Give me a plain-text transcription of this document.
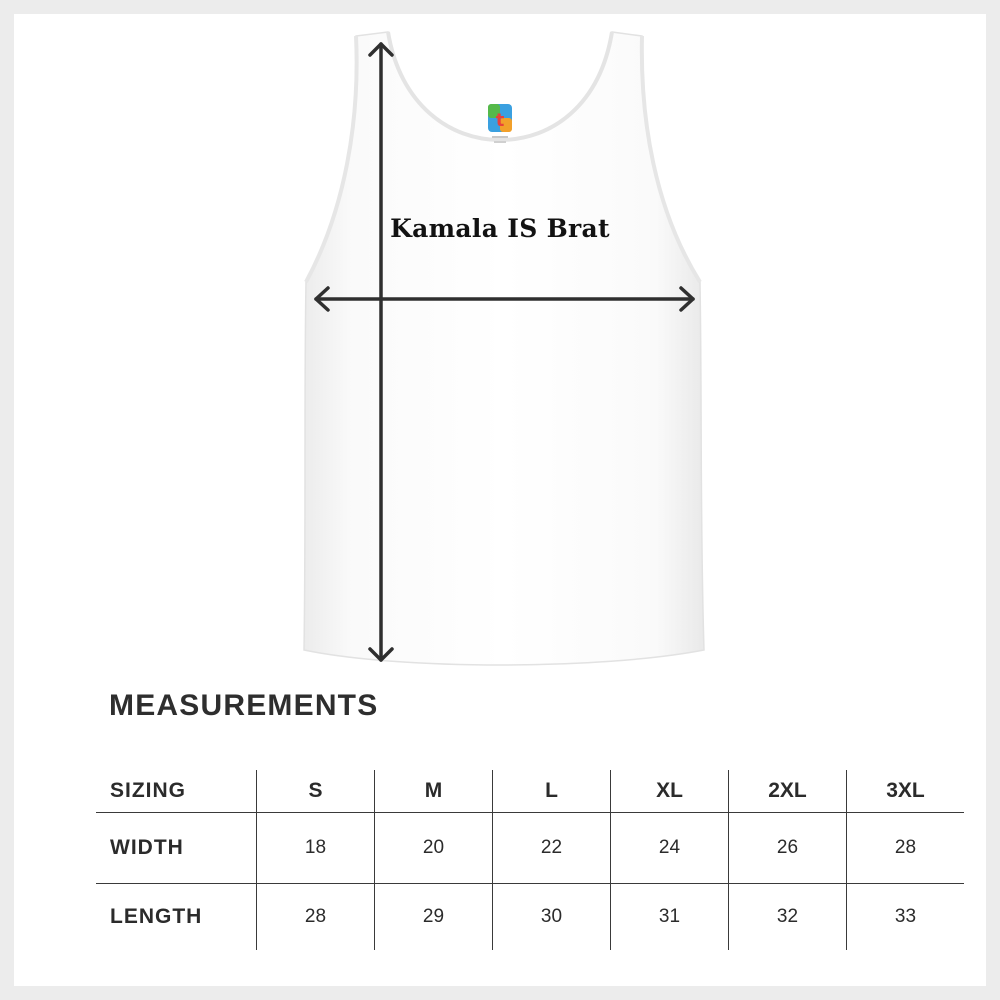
t
Kamala IS Brat
MEASUREMENTS
SIZING	S	M	L	XL	2XL	3XL
WIDTH	18	20	22	24	26	28
LENGTH	28	29	30	31	32	33
